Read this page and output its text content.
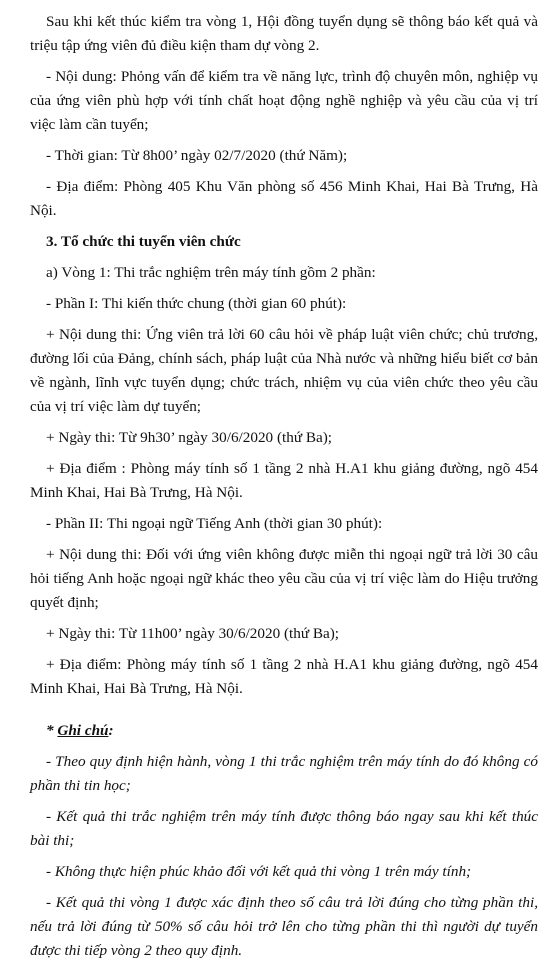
Sau khi kết thúc kiểm tra vòng 1, Hội đồng tuyển dụng sẽ thông báo kết quả và triệu tập ứng viên đủ điều kiện tham dự vòng 2.

- Nội dung: Phỏng vấn để kiểm tra về năng lực, trình độ chuyên môn, nghiệp vụ của ứng viên phù hợp với tính chất hoạt động nghề nghiệp và yêu cầu của vị trí việc làm cần tuyển;

- Thời gian: Từ 8h00’ ngày 02/7/2020 (thứ Năm);

- Địa điểm: Phòng 405 Khu Văn phòng số 456 Minh Khai, Hai Bà Trưng, Hà Nội.

3. Tổ chức thi tuyển viên chức

a) Vòng 1: Thi trắc nghiệm trên máy tính gồm 2 phần:

- Phần I: Thi kiến thức chung (thời gian 60 phút):

+ Nội dung thi: Ứng viên trả lời 60 câu hỏi về pháp luật viên chức; chủ trương, đường lối của Đảng, chính sách, pháp luật của Nhà nước và những hiểu biết cơ bản về ngành, lĩnh vực tuyển dụng; chức trách, nhiệm vụ của viên chức theo yêu cầu của vị trí việc làm dự tuyển;

+ Ngày thi: Từ 9h30’ ngày 30/6/2020 (thứ Ba);

+ Địa điểm : Phòng máy tính số 1 tầng 2 nhà H.A1 khu giảng đường, ngõ 454 Minh Khai, Hai Bà Trưng, Hà Nội.

- Phần II: Thi ngoại ngữ Tiếng Anh (thời gian 30 phút):

+ Nội dung thi: Đối với ứng viên không được miễn thi ngoại ngữ trả lời 30 câu hỏi tiếng Anh hoặc ngoại ngữ khác theo yêu cầu của vị trí việc làm do Hiệu trưởng quyết định;

+ Ngày thi: Từ 11h00’ ngày 30/6/2020 (thứ Ba);

+ Địa điểm: Phòng máy tính số 1 tầng 2 nhà H.A1 khu giảng đường, ngõ 454 Minh Khai, Hai Bà Trưng, Hà Nội.

* Ghi chú:

- Theo quy định hiện hành, vòng 1 thi trắc nghiệm trên máy tính do đó không có phần thi tin học;

- Kết quả thi trắc nghiệm trên máy tính được thông báo ngay sau khi kết thúc bài thi;

- Không thực hiện phúc khảo đối với kết quả thi vòng 1 trên máy tính;

- Kết quả thi vòng 1 được xác định theo số câu trả lời đúng cho từng phần thi, nếu trả lời đúng từ 50% số câu hỏi trở lên cho từng phần thi thì người dự tuyển được thi tiếp vòng 2 theo quy định.
